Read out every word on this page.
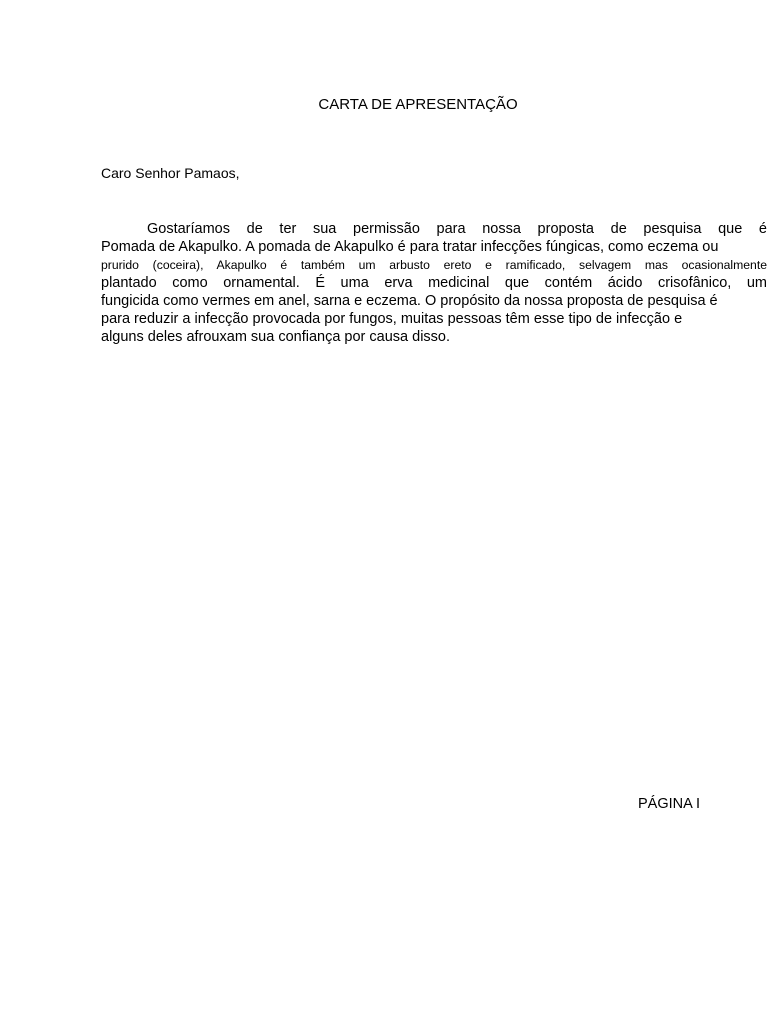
CARTA DE APRESENTAÇÃO

Caro Senhor Pamaos,

Gostaríamos de ter sua permissão para nossa proposta de pesquisa que é
Pomada de Akapulko. A pomada de Akapulko é para tratar infecções fúngicas, como eczema ou
prurido (coceira), Akapulko é também um arbusto ereto e ramificado, selvagem mas ocasionalmente
plantado como ornamental. É uma erva medicinal que contém ácido crisofânico, um
fungicida como vermes em anel, sarna e eczema. O propósito da nossa proposta de pesquisa é
para reduzir a infecção provocada por fungos, muitas pessoas têm esse tipo de infecção e
alguns deles afrouxam sua confiança por causa disso.

PÁGINA I
